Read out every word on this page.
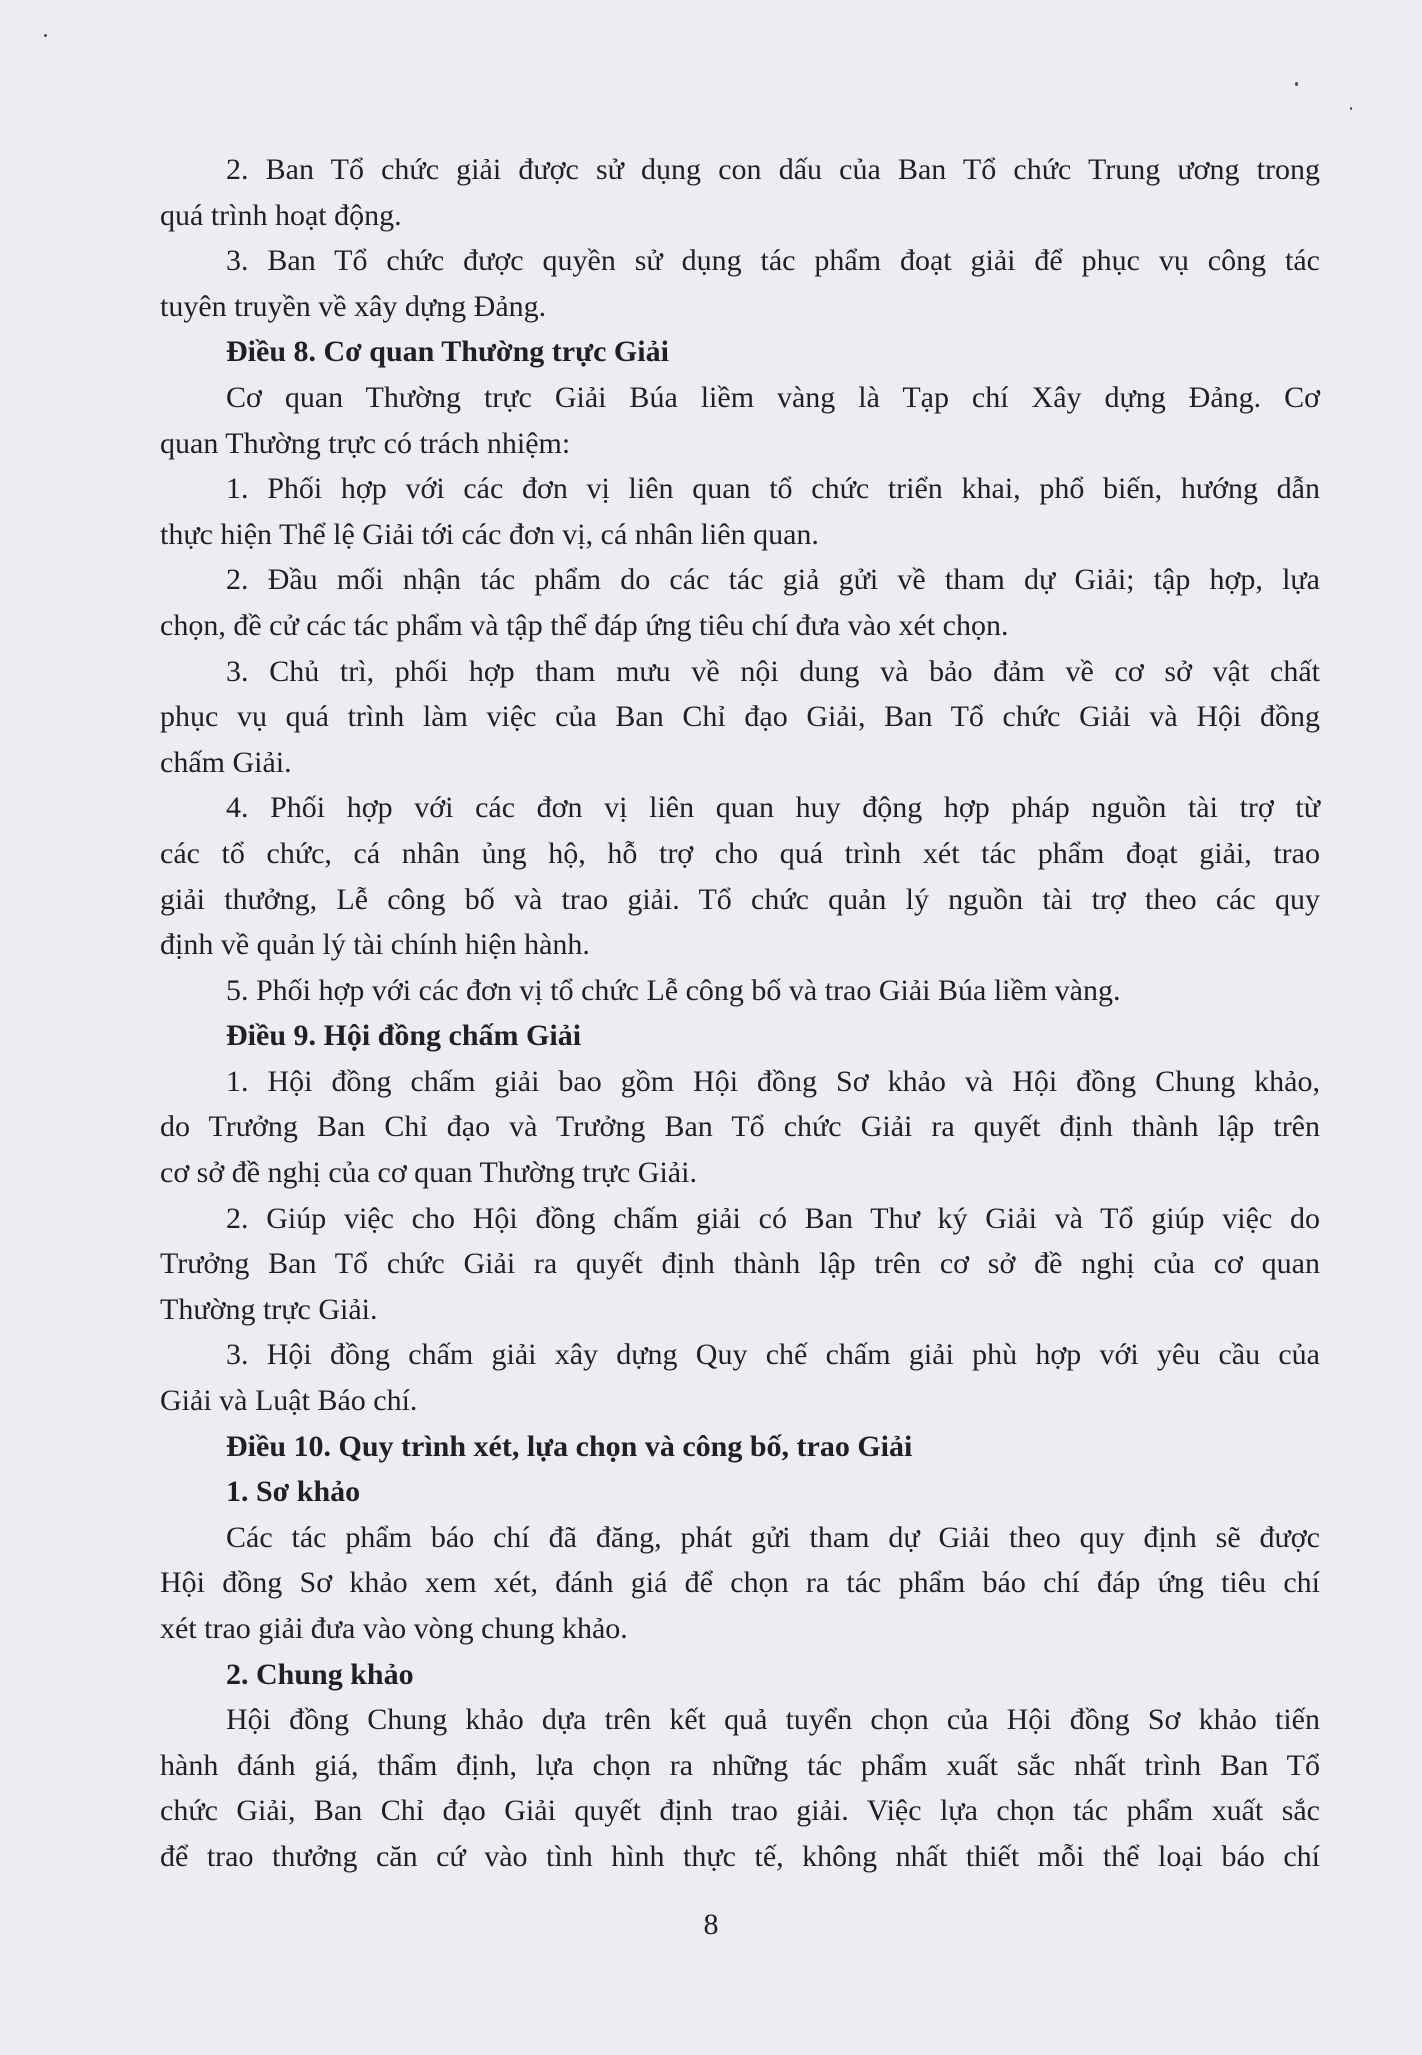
2. Ban Tổ chức giải được sử dụng con dấu của Ban Tổ chức Trung ương trong
quá trình hoạt động.
3. Ban Tổ chức được quyền sử dụng tác phẩm đoạt giải để phục vụ công tác
tuyên truyền về xây dựng Đảng.
Điều 8. Cơ quan Thường trực Giải
Cơ quan Thường trực Giải Búa liềm vàng là Tạp chí Xây dựng Đảng. Cơ
quan Thường trực có trách nhiệm:
1. Phối hợp với các đơn vị liên quan tổ chức triển khai, phổ biến, hướng dẫn
thực hiện Thể lệ Giải tới các đơn vị, cá nhân liên quan.
2. Đầu mối nhận tác phẩm do các tác giả gửi về tham dự Giải; tập hợp, lựa
chọn, đề cử các tác phẩm và tập thể đáp ứng tiêu chí đưa vào xét chọn.
3. Chủ trì, phối hợp tham mưu về nội dung và bảo đảm về cơ sở vật chất
phục vụ quá trình làm việc của Ban Chỉ đạo Giải, Ban Tổ chức Giải và Hội đồng
chấm Giải.
4. Phối hợp với các đơn vị liên quan huy động hợp pháp nguồn tài trợ từ
các tổ chức, cá nhân ủng hộ, hỗ trợ cho quá trình xét tác phẩm đoạt giải, trao
giải thưởng, Lễ công bố và trao giải. Tổ chức quản lý nguồn tài trợ theo các quy
định về quản lý tài chính hiện hành.
5. Phối hợp với các đơn vị tổ chức Lễ công bố và trao Giải Búa liềm vàng.
Điều 9. Hội đồng chấm Giải
1. Hội đồng chấm giải bao gồm Hội đồng Sơ khảo và Hội đồng Chung khảo,
do Trưởng Ban Chỉ đạo và Trưởng Ban Tổ chức Giải ra quyết định thành lập trên
cơ sở đề nghị của cơ quan Thường trực Giải.
2. Giúp việc cho Hội đồng chấm giải có Ban Thư ký Giải và Tổ giúp việc do
Trưởng Ban Tổ chức Giải ra quyết định thành lập trên cơ sở đề nghị của cơ quan
Thường trực Giải.
3. Hội đồng chấm giải xây dựng Quy chế chấm giải phù hợp với yêu cầu của
Giải và Luật Báo chí.
Điều 10. Quy trình xét, lựa chọn và công bố, trao Giải
1. Sơ khảo
Các tác phẩm báo chí đã đăng, phát gửi tham dự Giải theo quy định sẽ được
Hội đồng Sơ khảo xem xét, đánh giá để chọn ra tác phẩm báo chí đáp ứng tiêu chí
xét trao giải đưa vào vòng chung khảo.
2. Chung khảo
Hội đồng Chung khảo dựa trên kết quả tuyển chọn của Hội đồng Sơ khảo tiến
hành đánh giá, thẩm định, lựa chọn ra những tác phẩm xuất sắc nhất trình Ban Tổ
chức Giải, Ban Chỉ đạo Giải quyết định trao giải. Việc lựa chọn tác phẩm xuất sắc
để trao thưởng căn cứ vào tình hình thực tế, không nhất thiết mỗi thể loại báo chí
8
